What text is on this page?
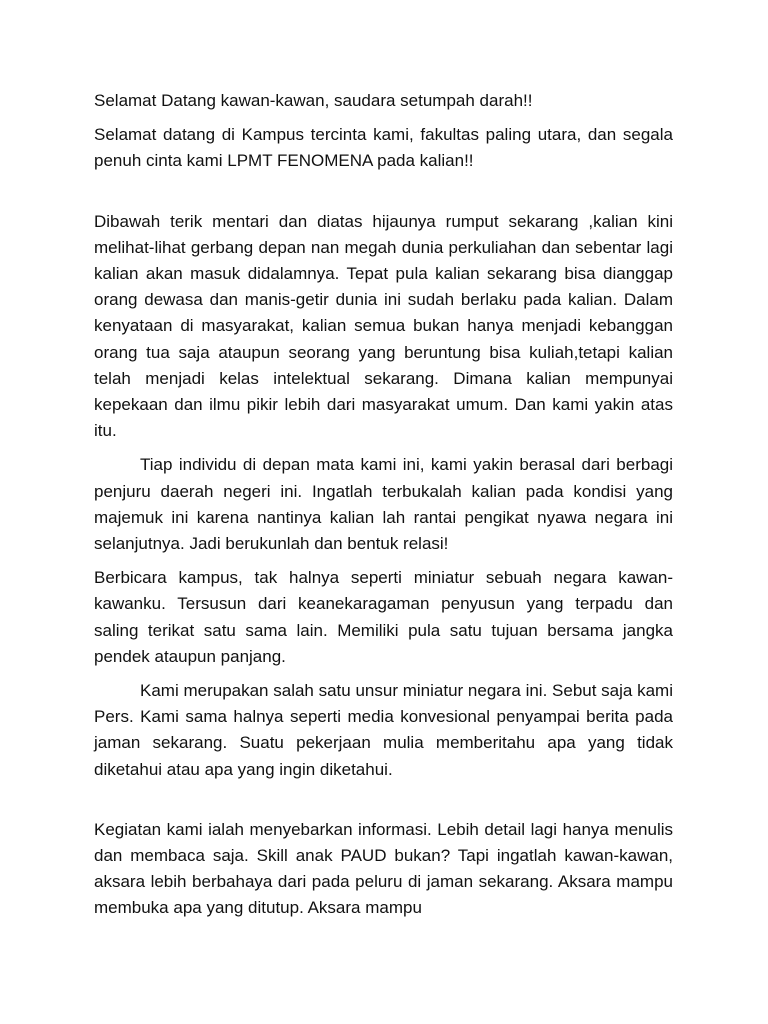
Selamat Datang kawan-kawan, saudara setumpah darah!!

Selamat datang di Kampus tercinta kami, fakultas paling utara, dan segala penuh cinta kami LPMT FENOMENA pada kalian!!

Dibawah terik mentari dan diatas hijaunya rumput sekarang ,kalian kini melihat-lihat gerbang depan nan megah dunia perkuliahan dan sebentar lagi kalian akan masuk didalamnya. Tepat pula kalian sekarang bisa dianggap orang dewasa dan manis-getir dunia ini sudah berlaku pada kalian. Dalam kenyataan di masyarakat, kalian semua bukan hanya menjadi kebanggan orang tua saja ataupun seorang yang beruntung bisa kuliah,tetapi kalian telah menjadi kelas intelektual sekarang. Dimana kalian mempunyai kepekaan dan ilmu pikir lebih dari masyarakat umum. Dan kami yakin atas itu.

Tiap individu di depan mata kami ini, kami yakin berasal dari berbagi penjuru daerah negeri ini. Ingatlah terbukalah kalian pada kondisi yang majemuk ini karena nantinya kalian lah rantai pengikat nyawa negara ini selanjutnya. Jadi berukunlah dan bentuk relasi!

Berbicara kampus, tak halnya seperti miniatur sebuah negara kawan-kawanku. Tersusun dari keanekaragaman penyusun yang terpadu dan saling terikat satu sama lain. Memiliki pula satu tujuan bersama jangka pendek ataupun panjang.

Kami merupakan salah satu unsur miniatur negara ini. Sebut saja kami Pers. Kami sama halnya seperti media konvesional penyampai berita pada jaman sekarang. Suatu pekerjaan mulia memberitahu apa yang tidak diketahui atau apa yang ingin diketahui.

Kegiatan kami ialah menyebarkan informasi. Lebih detail lagi hanya menulis dan membaca saja. Skill anak PAUD bukan? Tapi ingatlah kawan-kawan, aksara lebih berbahaya dari pada peluru di jaman sekarang. Aksara mampu membuka apa yang ditutup. Aksara mampu
